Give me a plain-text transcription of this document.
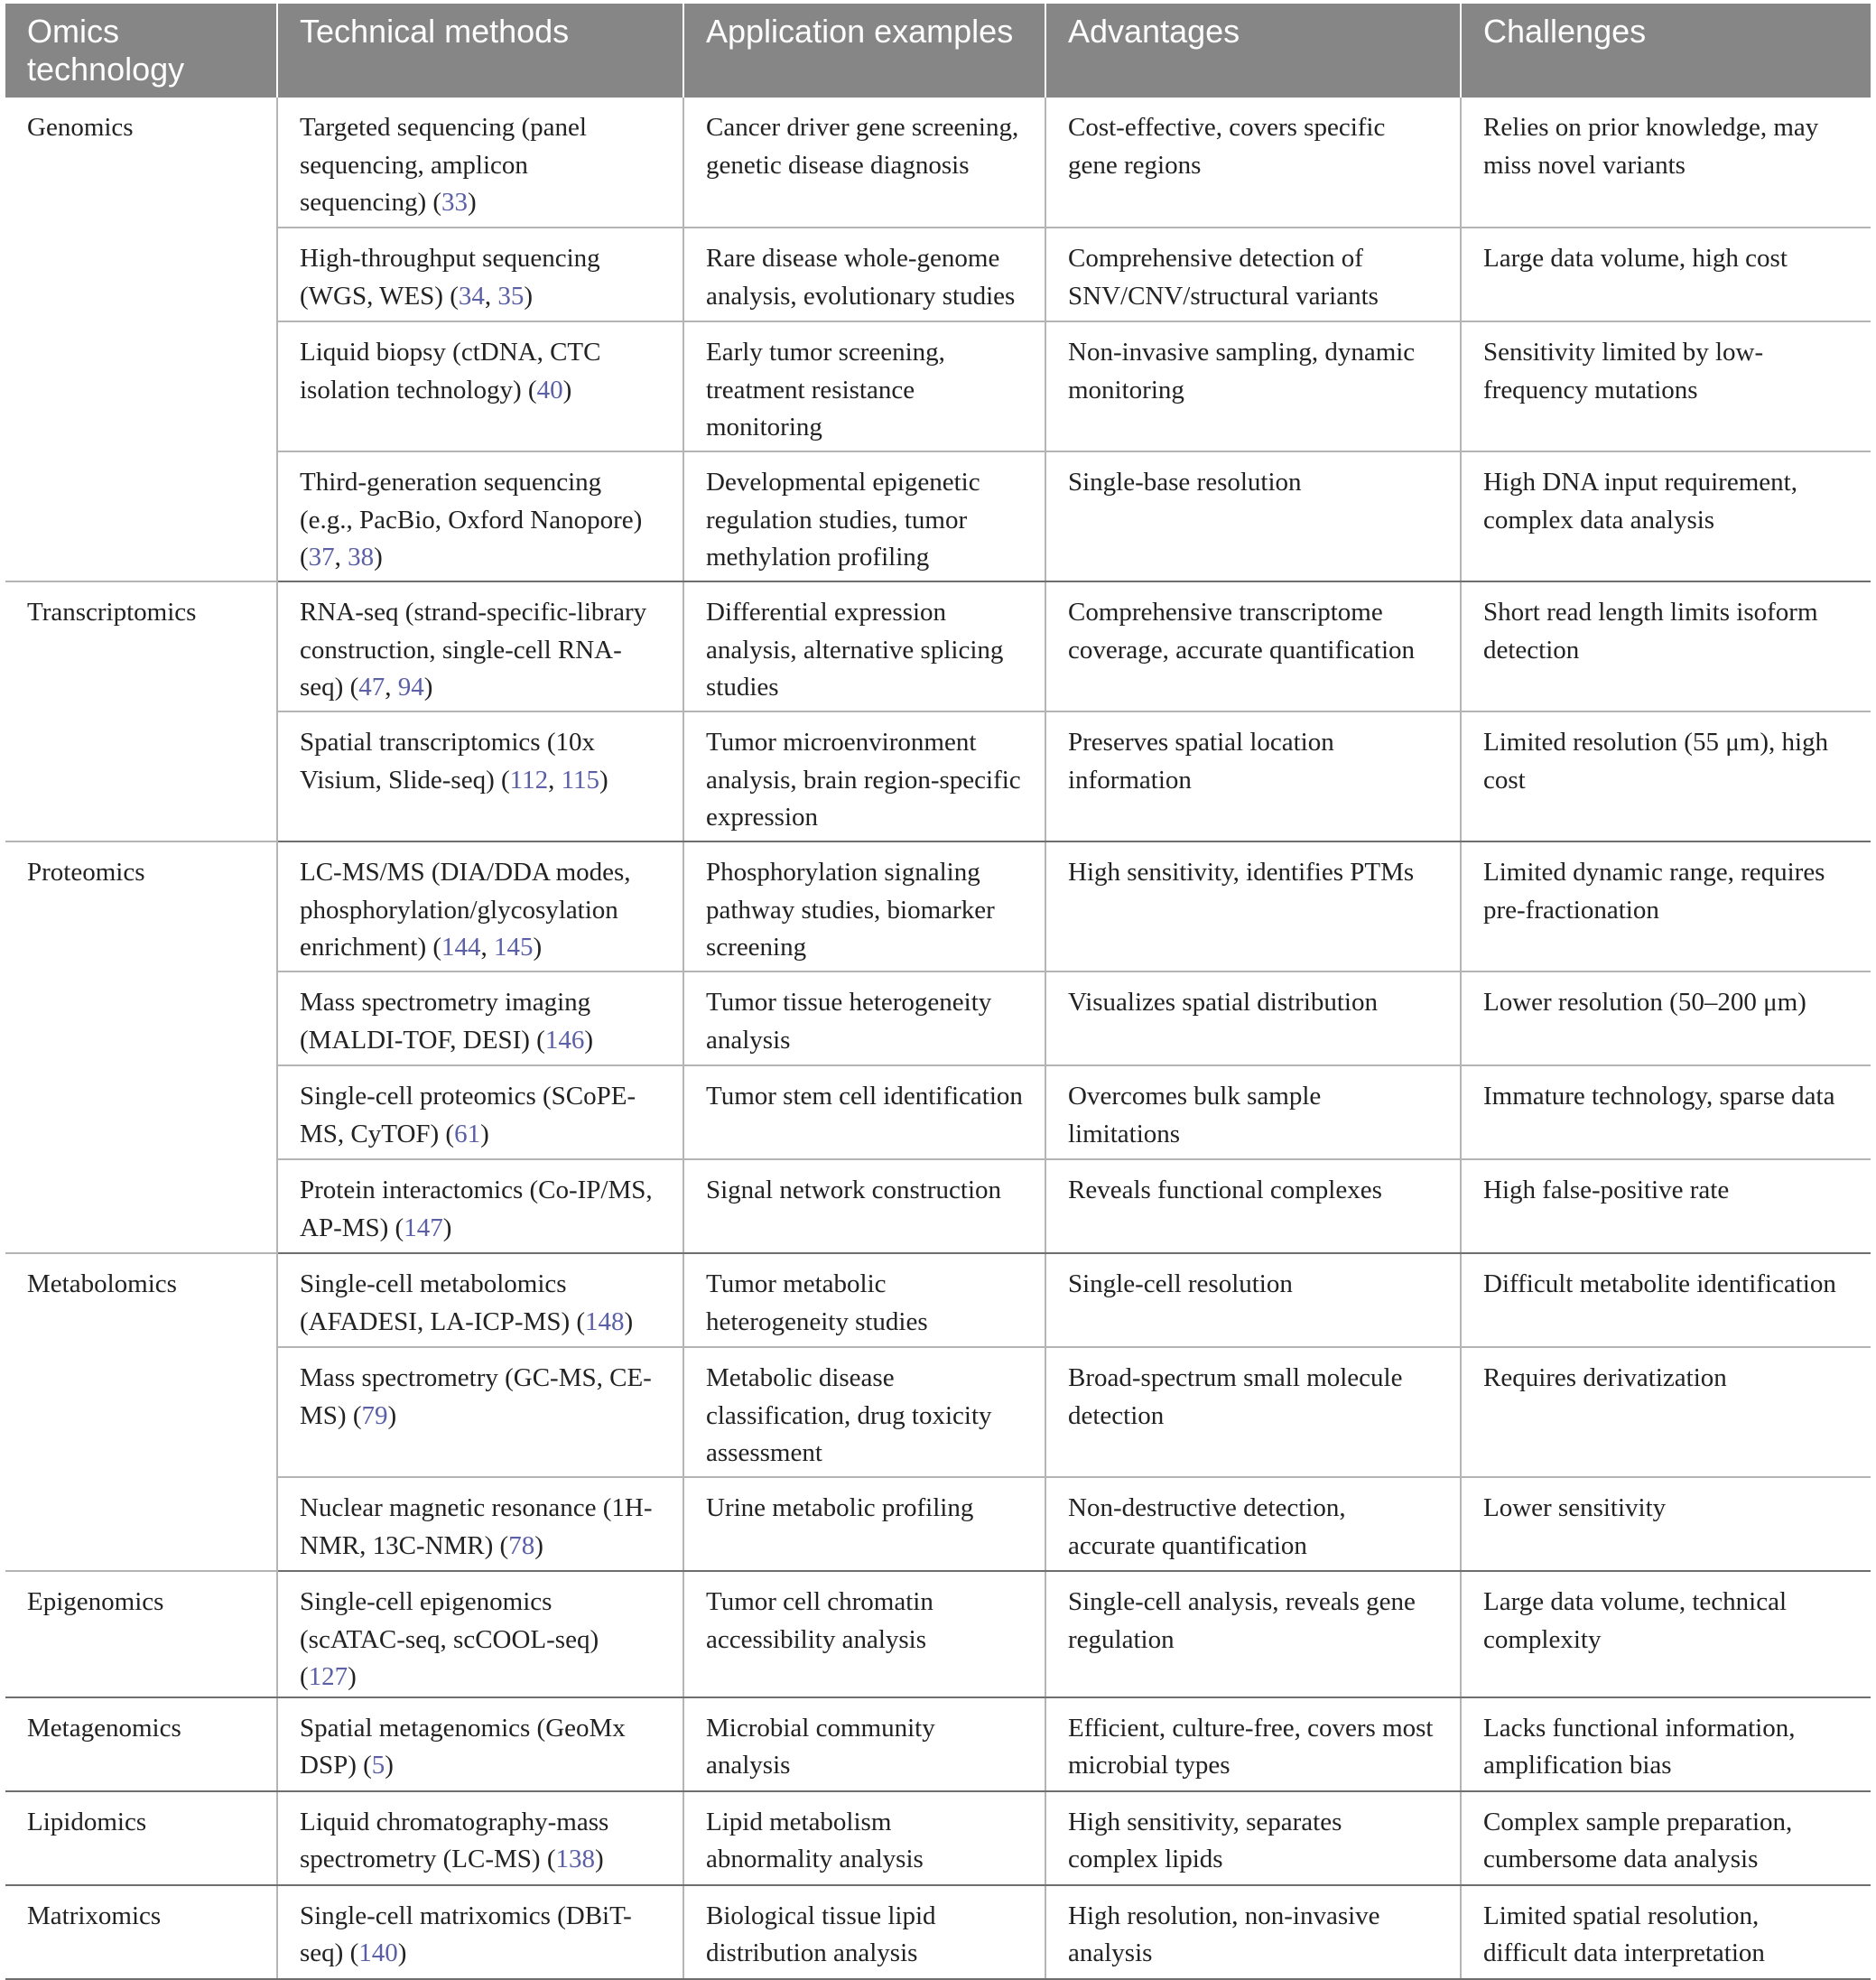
Omics technology	Technical methods	Application examples	Advantages	Challenges
Genomics	Targeted sequencing (panel sequencing, amplicon sequencing) (33)	Cancer driver gene screening, genetic disease diagnosis	Cost-effective, covers specific gene regions	Relies on prior knowledge, may miss novel variants
	High-throughput sequencing (WGS, WES) (34, 35)	Rare disease whole-genome analysis, evolutionary studies	Comprehensive detection of SNV/CNV/structural variants	Large data volume, high cost
	Liquid biopsy (ctDNA, CTC isolation technology) (40)	Early tumor screening, treatment resistance monitoring	Non-invasive sampling, dynamic monitoring	Sensitivity limited by low-frequency mutations
	Third-generation sequencing (e.g., PacBio, Oxford Nanopore) (37, 38)	Developmental epigenetic regulation studies, tumor methylation profiling	Single-base resolution	High DNA input requirement, complex data analysis
Transcriptomics	RNA-seq (strand-specific-library construction, single-cell RNA-seq) (47, 94)	Differential expression analysis, alternative splicing studies	Comprehensive transcriptome coverage, accurate quantification	Short read length limits isoform detection
	Spatial transcriptomics (10x Visium, Slide-seq) (112, 115)	Tumor microenvironment analysis, brain region-specific expression	Preserves spatial location information	Limited resolution (55 μm), high cost
Proteomics	LC-MS/MS (DIA/DDA modes, phosphorylation/glycosylation enrichment) (144, 145)	Phosphorylation signaling pathway studies, biomarker screening	High sensitivity, identifies PTMs	Limited dynamic range, requires pre-fractionation
	Mass spectrometry imaging (MALDI-TOF, DESI) (146)	Tumor tissue heterogeneity analysis	Visualizes spatial distribution	Lower resolution (50–200 μm)
	Single-cell proteomics (SCoPE-MS, CyTOF) (61)	Tumor stem cell identification	Overcomes bulk sample limitations	Immature technology, sparse data
	Protein interactomics (Co-IP/MS, AP-MS) (147)	Signal network construction	Reveals functional complexes	High false-positive rate
Metabolomics	Single-cell metabolomics (AFADESI, LA-ICP-MS) (148)	Tumor metabolic heterogeneity studies	Single-cell resolution	Difficult metabolite identification
	Mass spectrometry (GC-MS, CE-MS) (79)	Metabolic disease classification, drug toxicity assessment	Broad-spectrum small molecule detection	Requires derivatization
	Nuclear magnetic resonance (1H-NMR, 13C-NMR) (78)	Urine metabolic profiling	Non-destructive detection, accurate quantification	Lower sensitivity
Epigenomics	Single-cell epigenomics (scATAC-seq, scCOOL-seq) (127)	Tumor cell chromatin accessibility analysis	Single-cell analysis, reveals gene regulation	Large data volume, technical complexity
Metagenomics	Spatial metagenomics (GeoMx DSP) (5)	Microbial community analysis	Efficient, culture-free, covers most microbial types	Lacks functional information, amplification bias
Lipidomics	Liquid chromatography-mass spectrometry (LC-MS) (138)	Lipid metabolism abnormality analysis	High sensitivity, separates complex lipids	Complex sample preparation, cumbersome data analysis
Matrixomics	Single-cell matrixomics (DBiT-seq) (140)	Biological tissue lipid distribution analysis	High resolution, non-invasive analysis	Limited spatial resolution, difficult data interpretation
